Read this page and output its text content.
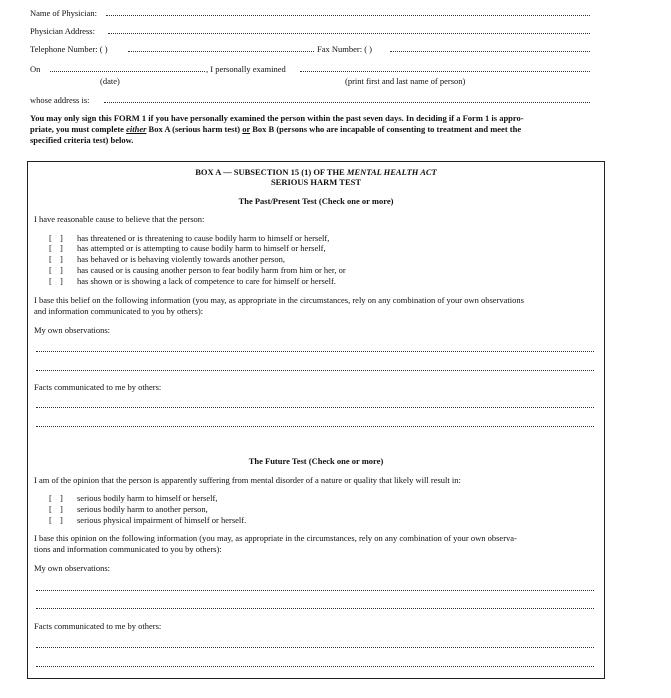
Name of Physician:
Physician Address:
Telephone Number: ( )	Fax Number: ( )
On	, I personally examined
(date)	(print first and last name of person)
whose address is:
You may only sign this FORM 1 if you have personally examined the person within the past seven days. In deciding if a Form 1 is appro-
priate, you must complete either Box A (serious harm test) or Box B (persons who are incapable of consenting to treatment and meet the
specified criteria test) below.
BOX A — SUBSECTION 15 (1) OF THE MENTAL HEALTH ACT
SERIOUS HARM TEST
The Past/Present Test (Check one or more)
I have reasonable cause to believe that the person:
[ ] has threatened or is threatening to cause bodily harm to himself or herself,
[ ] has attempted or is attempting to cause bodily harm to himself or herself,
[ ] has behaved or is behaving violently towards another person,
[ ] has caused or is causing another person to fear bodily harm from him or her, or
[ ] has shown or is showing a lack of competence to care for himself or herself.
I base this belief on the following information (you may, as appropriate in the circumstances, rely on any combination of your own observations
and information communicated to you by others):
My own observations:
Facts communicated to me by others:
The Future Test (Check one or more)
I am of the opinion that the person is apparently suffering from mental disorder of a nature or quality that likely will result in:
[ ] serious bodily harm to himself or herself,
[ ] serious bodily harm to another person,
[ ] serious physical impairment of himself or herself.
I base this opinion on the following information (you may, as appropriate in the circumstances, rely on any combination of your own observa-
tions and information communicated to you by others):
My own observations:
Facts communicated to me by others:
